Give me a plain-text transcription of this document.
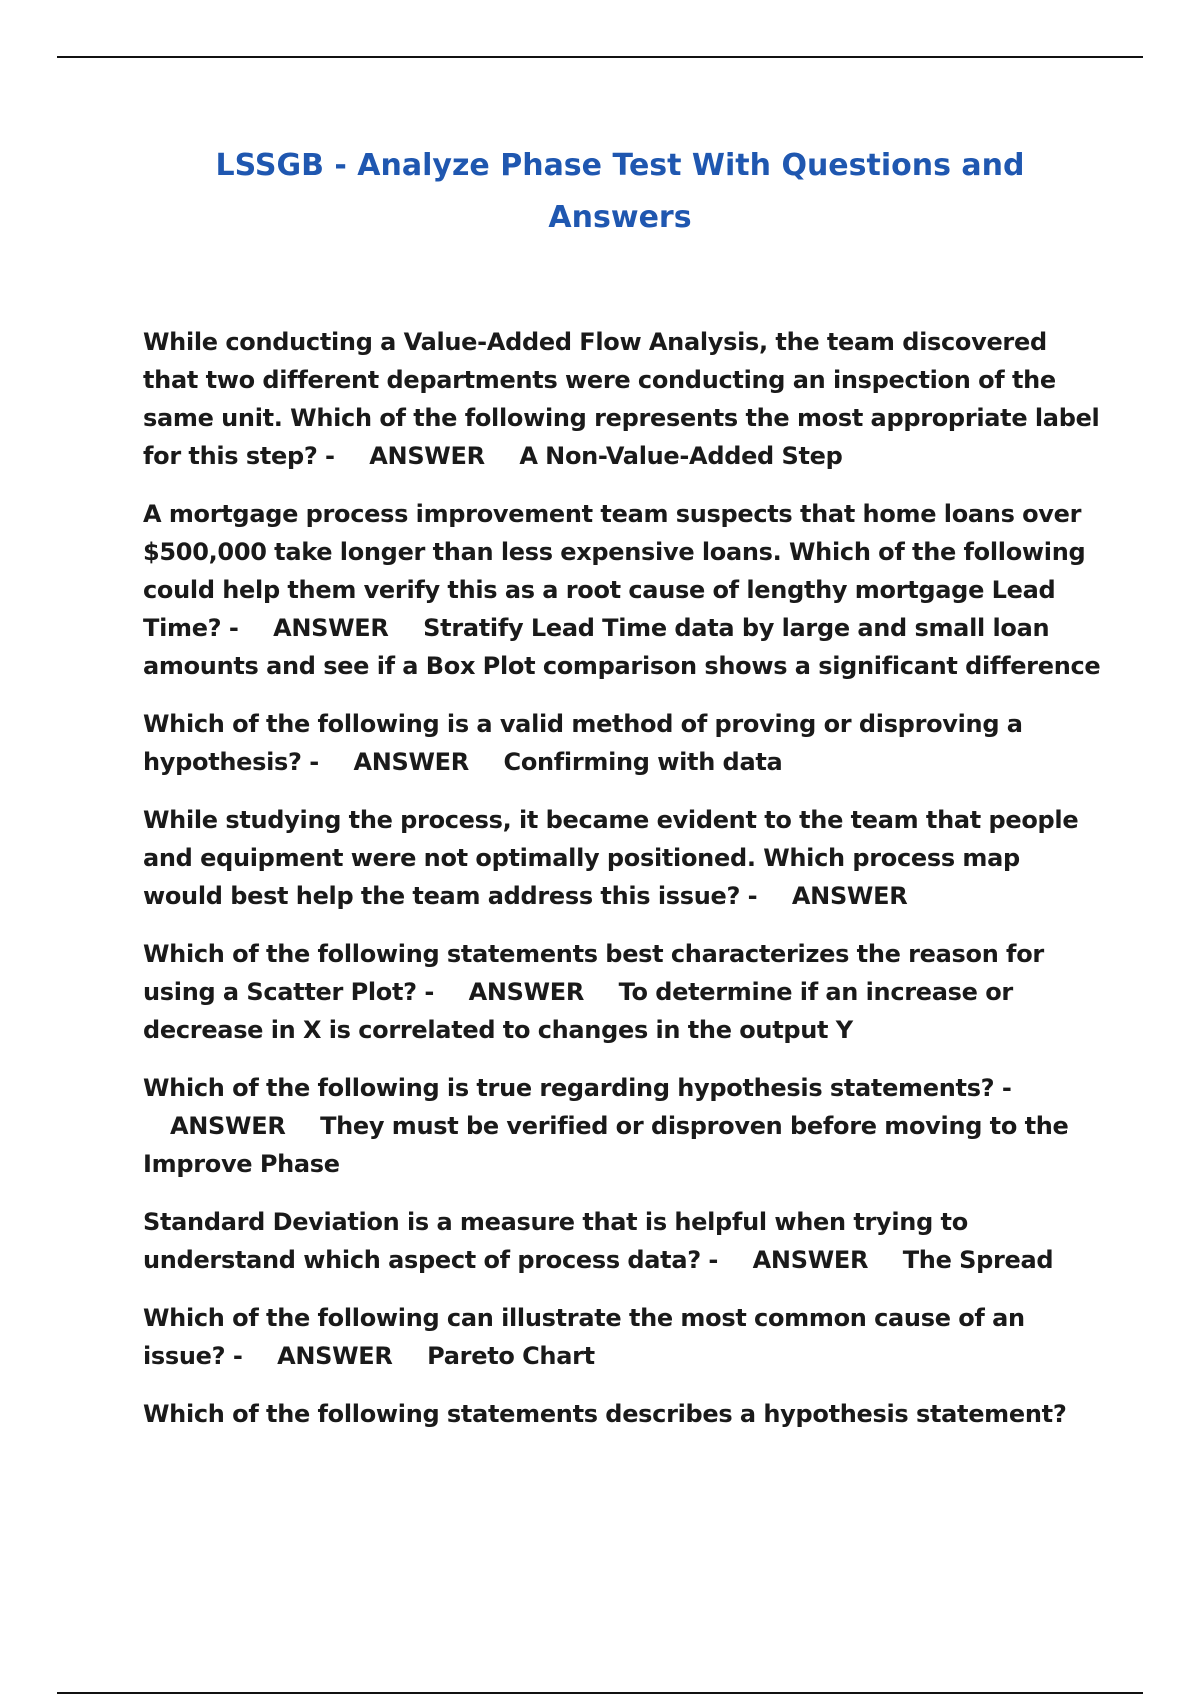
LSSGB - Analyze Phase Test With Questions and Answers
While conducting a Value-Added Flow Analysis, the team discovered that two different departments were conducting an inspection of the same unit. Which of the following represents the most appropriate label for this step? - ANSWER A Non-Value-Added Step
A mortgage process improvement team suspects that home loans over $500,000 take longer than less expensive loans. Which of the following could help them verify this as a root cause of lengthy mortgage Lead Time? - ANSWER Stratify Lead Time data by large and small loan amounts and see if a Box Plot comparison shows a significant difference
Which of the following is a valid method of proving or disproving a hypothesis? - ANSWER Confirming with data
While studying the process, it became evident to the team that people and equipment were not optimally positioned. Which process map would best help the team address this issue? - ANSWER
Which of the following statements best characterizes the reason for using a Scatter Plot? - ANSWER To determine if an increase or decrease in X is correlated to changes in the output Y
Which of the following is true regarding hypothesis statements? - ANSWER They must be verified or disproven before moving to the Improve Phase
Standard Deviation is a measure that is helpful when trying to understand which aspect of process data? - ANSWER The Spread
Which of the following can illustrate the most common cause of an issue? - ANSWER Pareto Chart
Which of the following statements describes a hypothesis statement?
